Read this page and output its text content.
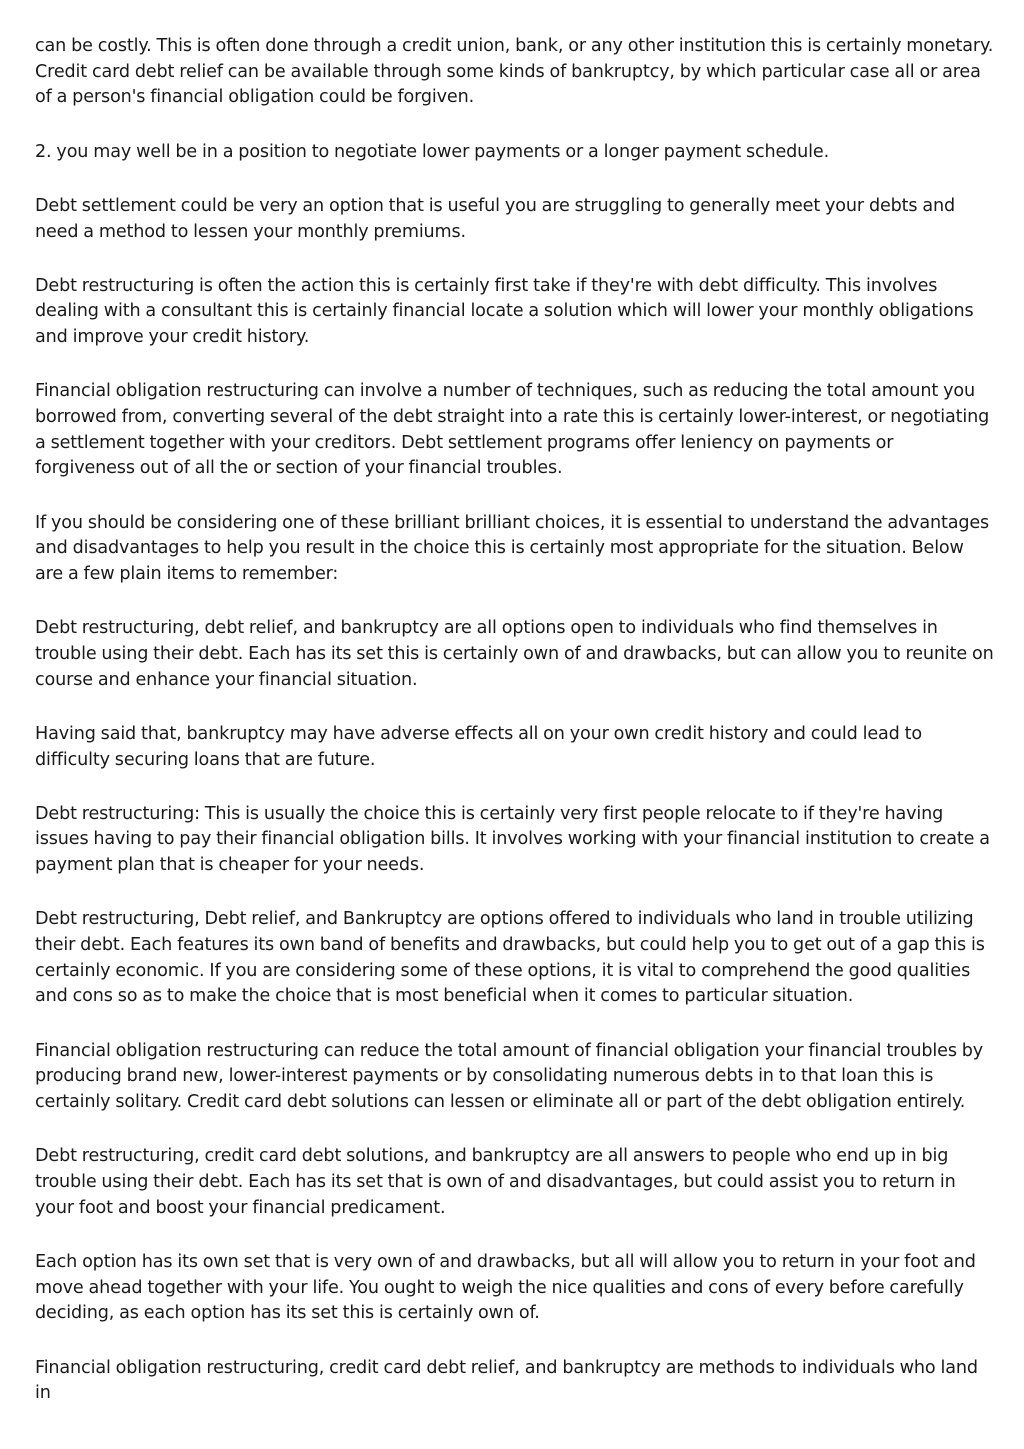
can be costly. This is often done through a credit union, bank, or any other institution this is certainly monetary. Credit card debt relief can be available through some kinds of bankruptcy, by which particular case all or area of a person's financial obligation could be forgiven.

2. you may well be in a position to negotiate lower payments or a longer payment schedule.

Debt settlement could be very an option that is useful you are struggling to generally meet your debts and need a method to lessen your monthly premiums.

Debt restructuring is often the action this is certainly first take if they're with debt difficulty. This involves dealing with a consultant this is certainly financial locate a solution which will lower your monthly obligations and improve your credit history.

Financial obligation restructuring can involve a number of techniques, such as reducing the total amount you borrowed from, converting several of the debt straight into a rate this is certainly lower-interest, or negotiating a settlement together with your creditors. Debt settlement programs offer leniency on payments or forgiveness out of all the or section of your financial troubles.

If you should be considering one of these brilliant brilliant choices, it is essential to understand the advantages and disadvantages to help you result in the choice this is certainly most appropriate for the situation. Below are a few plain items to remember:

Debt restructuring, debt relief, and bankruptcy are all options open to individuals who find themselves in trouble using their debt. Each has its set this is certainly own of and drawbacks, but can allow you to reunite on course and enhance your financial situation.

Having said that, bankruptcy may have adverse effects all on your own credit history and could lead to difficulty securing loans that are future.

Debt restructuring: This is usually the choice this is certainly very first people relocate to if they're having issues having to pay their financial obligation bills. It involves working with your financial institution to create a payment plan that is cheaper for your needs.

Debt restructuring, Debt relief, and Bankruptcy are options offered to individuals who land in trouble utilizing their debt. Each features its own band of benefits and drawbacks, but could help you to get out of a gap this is certainly economic. If you are considering some of these options, it is vital to comprehend the good qualities and cons so as to make the choice that is most beneficial when it comes to particular situation.

Financial obligation restructuring can reduce the total amount of financial obligation your financial troubles by producing brand new, lower-interest payments or by consolidating numerous debts in to that loan this is certainly solitary. Credit card debt solutions can lessen or eliminate all or part of the debt obligation entirely.

Debt restructuring, credit card debt solutions, and bankruptcy are all answers to people who end up in big trouble using their debt. Each has its set that is own of and disadvantages, but could assist you to return in your foot and boost your financial predicament.

Each option has its own set that is very own of and drawbacks, but all will allow you to return in your foot and move ahead together with your life. You ought to weigh the nice qualities and cons of every before carefully deciding, as each option has its set this is certainly own of.

Financial obligation restructuring, credit card debt relief, and bankruptcy are methods to individuals who land in
